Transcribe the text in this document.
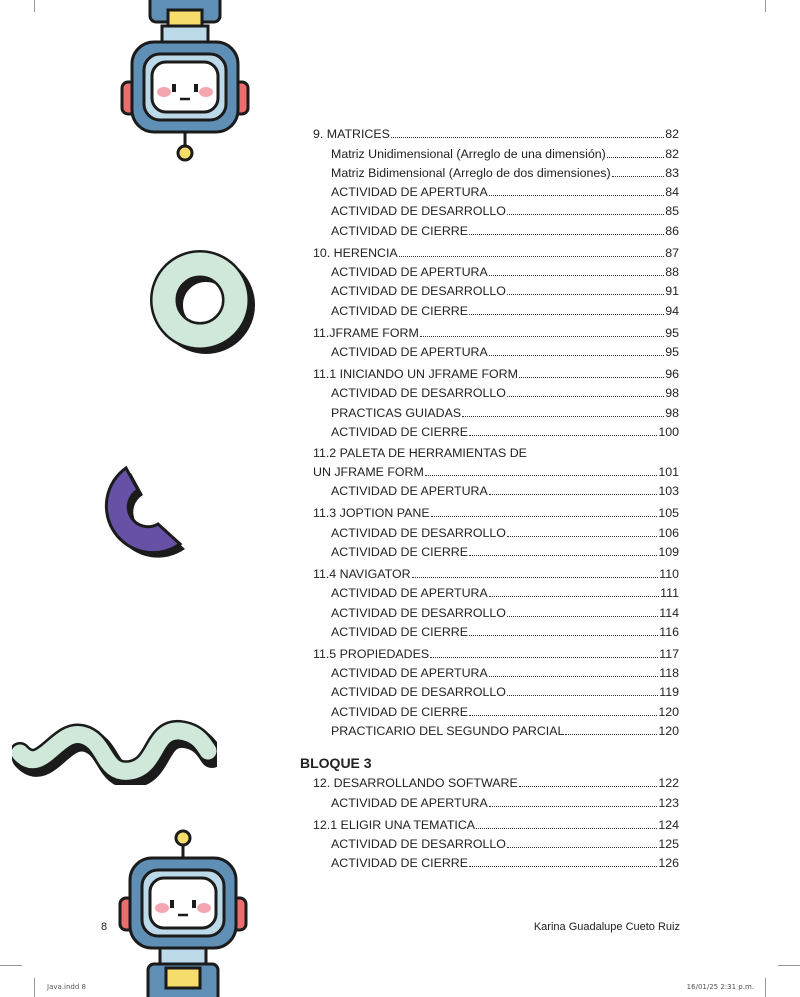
9. MATRICES	82
Matriz Unidimensional (Arreglo de una dimensión)	82
Matriz Bidimensional (Arreglo de dos dimensiones)	83
ACTIVIDAD DE APERTURA	84
ACTIVIDAD DE DESARROLLO	85
ACTIVIDAD DE CIERRE	86
10. HERENCIA	87
ACTIVIDAD DE APERTURA	88
ACTIVIDAD DE DESARROLLO	91
ACTIVIDAD DE CIERRE	94
11.JFRAME FORM	95
ACTIVIDAD DE APERTURA	95
11.1 INICIANDO UN JFRAME FORM	96
ACTIVIDAD DE DESARROLLO	98
PRACTICAS GUIADAS	98
ACTIVIDAD DE CIERRE	100
11.2 PALETA DE HERRAMIENTAS DE
UN JFRAME FORM	101
ACTIVIDAD DE APERTURA	103
11.3 JOPTION PANE	105
ACTIVIDAD DE DESARROLLO	106
ACTIVIDAD DE CIERRE	109
11.4 NAVIGATOR	110
ACTIVIDAD DE APERTURA	111
ACTIVIDAD DE DESARROLLO	114
ACTIVIDAD DE CIERRE	116
11.5 PROPIEDADES	117
ACTIVIDAD DE APERTURA	118
ACTIVIDAD DE DESARROLLO	119
ACTIVIDAD DE CIERRE	120
PRACTICARIO DEL SEGUNDO PARCIAL	120
BLOQUE 3
12. DESARROLLANDO SOFTWARE	122
ACTIVIDAD DE APERTURA	123
12.1 ELIGIR UNA TEMATICA	124
ACTIVIDAD DE DESARROLLO	125
ACTIVIDAD DE CIERRE	126
8	Karina Guadalupe Cueto Ruiz
Java.indd 8	16/01/25 2:31 p.m.
